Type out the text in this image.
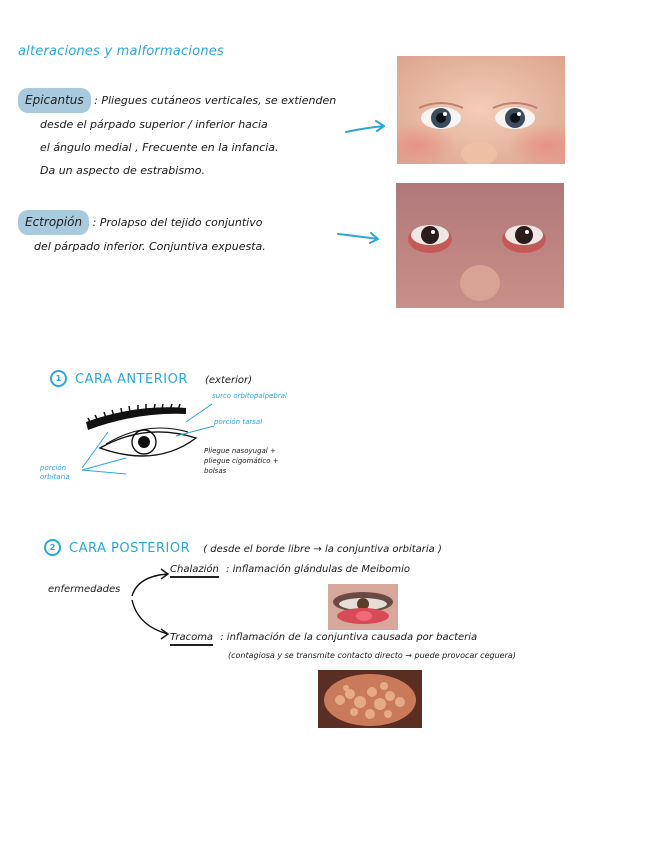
alteraciones y malformaciones
Epicantus : Pliegues cutáneos verticales, se extienden
desde el párpado superior / inferior hacia
el ángulo medial , Frecuente en la infancia.
Da un aspecto de estrabismo.
Ectropión : Prolapso del tejido conjuntivo
del párpado inferior. Conjuntiva expuesta.
1 CARA ANTERIOR (exterior)
surco orbitopalpebral
porción tarsal
porción
orbitaria
Pliegue nasoyugal +
pliegue cigomático +
bolsas
2 CARA POSTERIOR ( desde el borde libre → la conjuntiva orbitaria )
enfermedades
Chalazión : inflamación glándulas de Meibomio
Tracoma : inflamación de la conjuntiva causada por bacteria
(contagiosa y se transmite contacto directo → puede provocar ceguera)
